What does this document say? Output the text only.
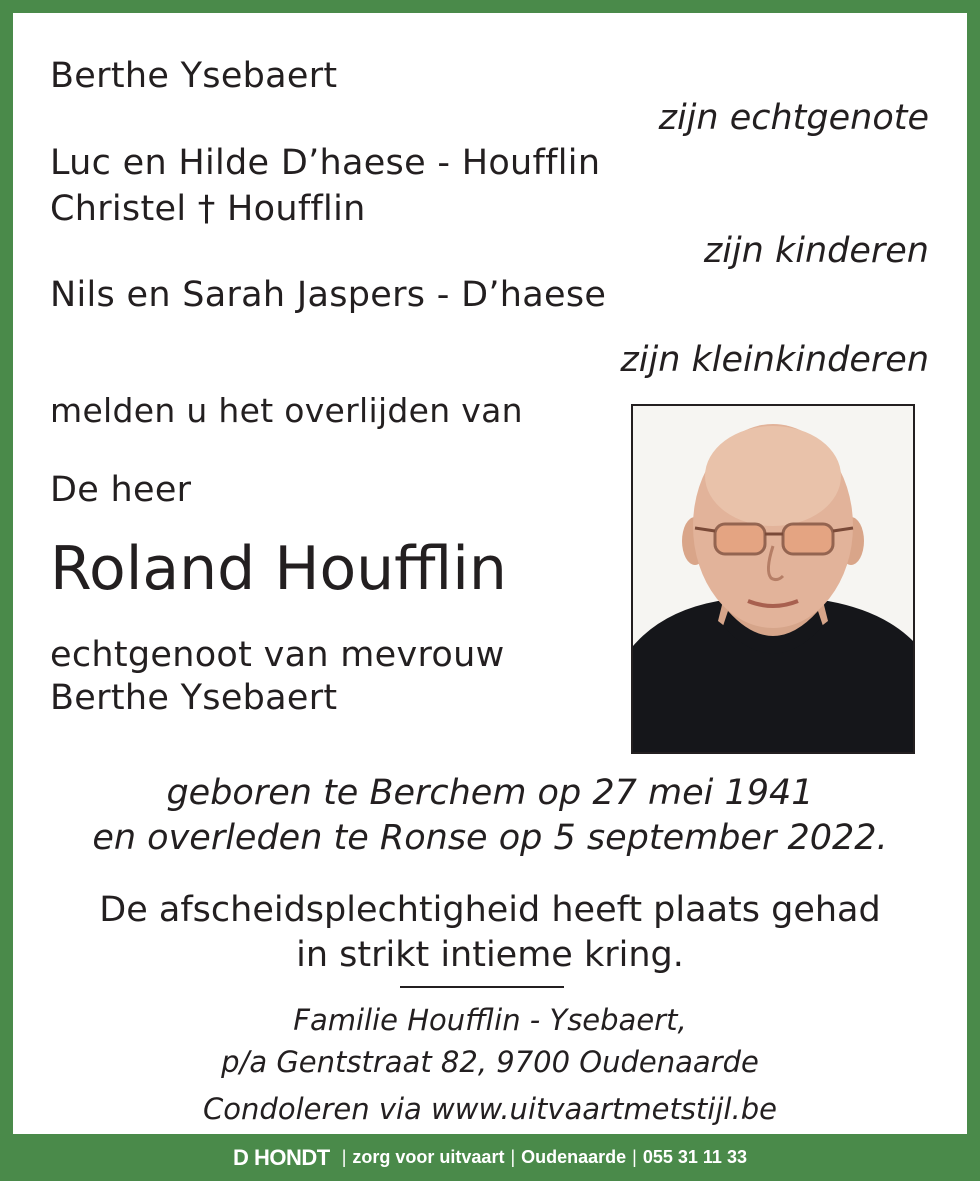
Berthe Ysebaert
zijn echtgenote
Luc en Hilde D’haese - Houfflin
Christel † Houfflin
zijn kinderen
Nils en Sarah Jaspers - D’haese
zijn kleinkinderen
melden u het overlijden van
De heer
Roland Houfflin
echtgenoot van mevrouw
Berthe Ysebaert
geboren te Berchem op 27 mei 1941
en overleden te Ronse op 5 september 2022.
De afscheidsplechtigheid heeft plaats gehad
in strikt intieme kring.
Familie Houfflin - Ysebaert,
p/a Gentstraat 82, 9700 Oudenaarde
Condoleren via www.uitvaartmetstijl.be
D HONDT | zorg voor uitvaart | Oudenaarde | 055 31 11 33
